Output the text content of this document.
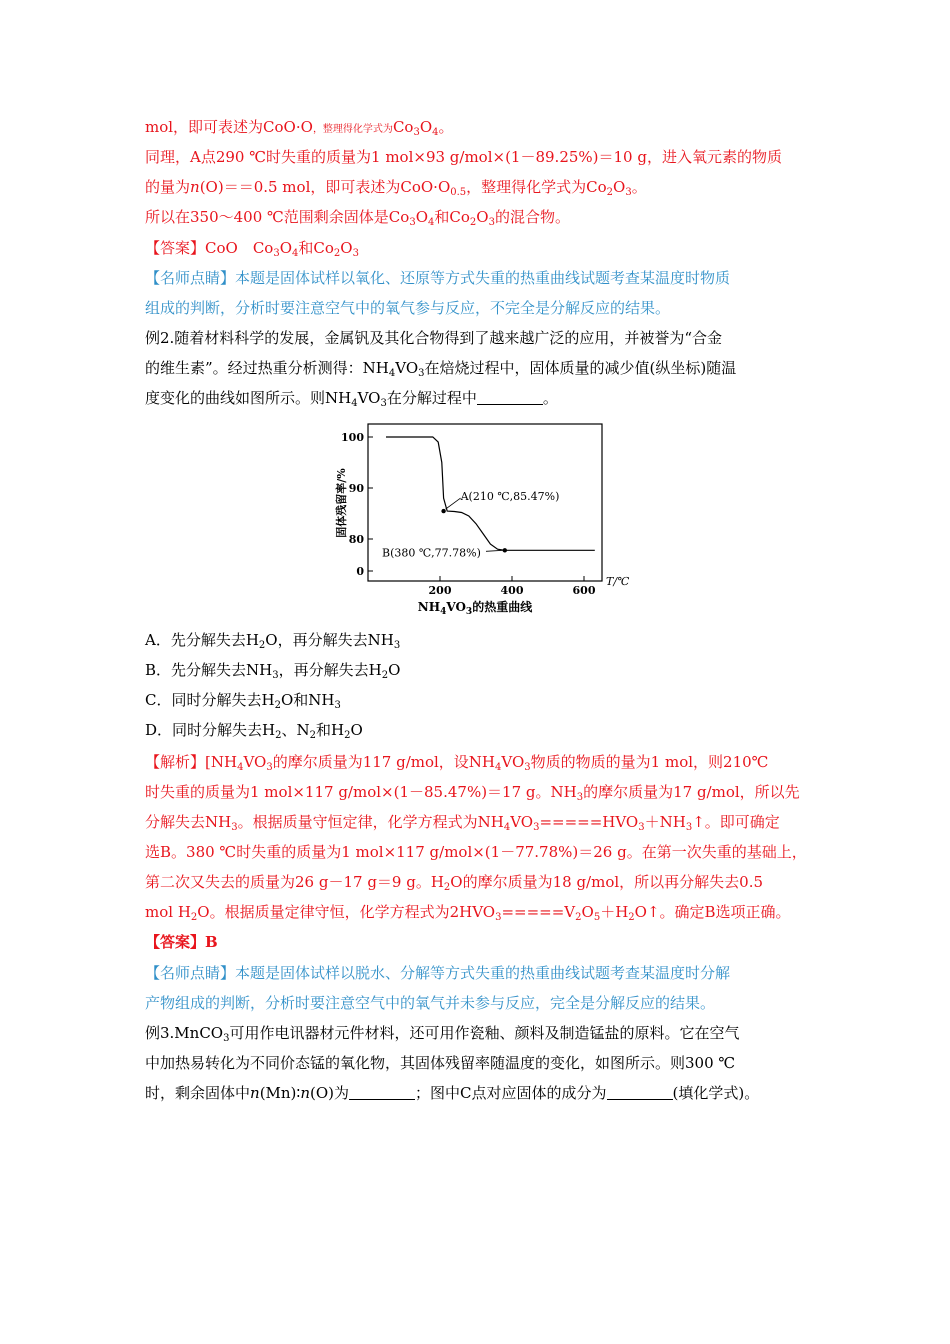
mol，即可表述为CoO·O，整理得化学式为$Co_3O_4$。
同理，A点290 ℃时失重的质量为1 mol×93 g/mol×(1－89.25%)＝10 g，进入氧元素的物质
的量为n(O)＝＝0.5 mol，即可表述为$CoO\cdot O_{0.5}$，整理得化学式为$Co_2O_3$。
所以在350～400 ℃范围剩余固体是$Co_3O_4$和$Co_2O_3$的混合物。
【答案】CoO　$Co_3O_4$和$Co_2O_3$
【名师点睛】本题是固体试样以氧化、还原等方式失重的热重曲线试题考查某温度时物质
组成的判断，分析时要注意空气中的氧气参与反应，不完全是分解反应的结果。
例2.随着材料科学的发展，金属钒及其化合物得到了越来越广泛的应用，并被誉为“合金
的维生素”。经过热重分析测得：$NH_4VO_3$在焙烧过程中，固体质量的减少值(纵坐标)随温
度变化的曲线如图所示。则$NH_4VO_3$在分解过程中	。
100
90
80
0
200	400	600
固体残留率/%
T/℃
A(210 ℃,85.47%)
B(380 ℃,77.78%)
$NH_4VO_3$的热重曲线
A．先分解失去$H_2O$，再分解失去$NH_3$
B．先分解失去$NH_3$，再分解失去$H_2O$
C．同时分解失去$H_2O$和$NH_3$
D．同时分解失去$H_2$、$N_2$和$H_2O$
【解析】[$NH_4VO_3$的摩尔质量为117 g/mol，设$NH_4VO_3$物质的物质的量为1 mol，则210℃
时失重的质量为1 mol×117 g/mol×(1－85.47%)＝17 g。$NH_3$的摩尔质量为17 g/mol，所以先
分解失去$NH_3$。根据质量守恒定律，化学方程式为$NH_4VO_3=====HVO_3+NH_3↑$。即可确定
选B。380 ℃时失重的质量为1 mol×117 g/mol×(1－77.78%)＝26 g。在第一次失重的基础上，
第二次又失去的质量为26 g－17 g＝9 g。$H_2O$的摩尔质量为18 g/mol，所以再分解失去0.5
mol $H_2O$。根据质量定律守恒，化学方程式为$2HVO_3=====V_2O_5+H_2O↑$。确定B选项正确。
【答案】B
【名师点睛】本题是固体试样以脱水、分解等方式失重的热重曲线试题考查某温度时分解
产物组成的判断，分析时要注意空气中的氧气并未参与反应，完全是分解反应的结果。
例3.MnCO$_3$可用作电讯器材元件材料，还可用作瓷釉、颜料及制造锰盐的原料。它在空气
中加热易转化为不同价态锰的氧化物，其固体残留率随温度的变化，如图所示。则300 ℃
时，剩余固体中n(Mn)∶n(O)为	；图中C点对应固体的成分为	(填化学式)。
